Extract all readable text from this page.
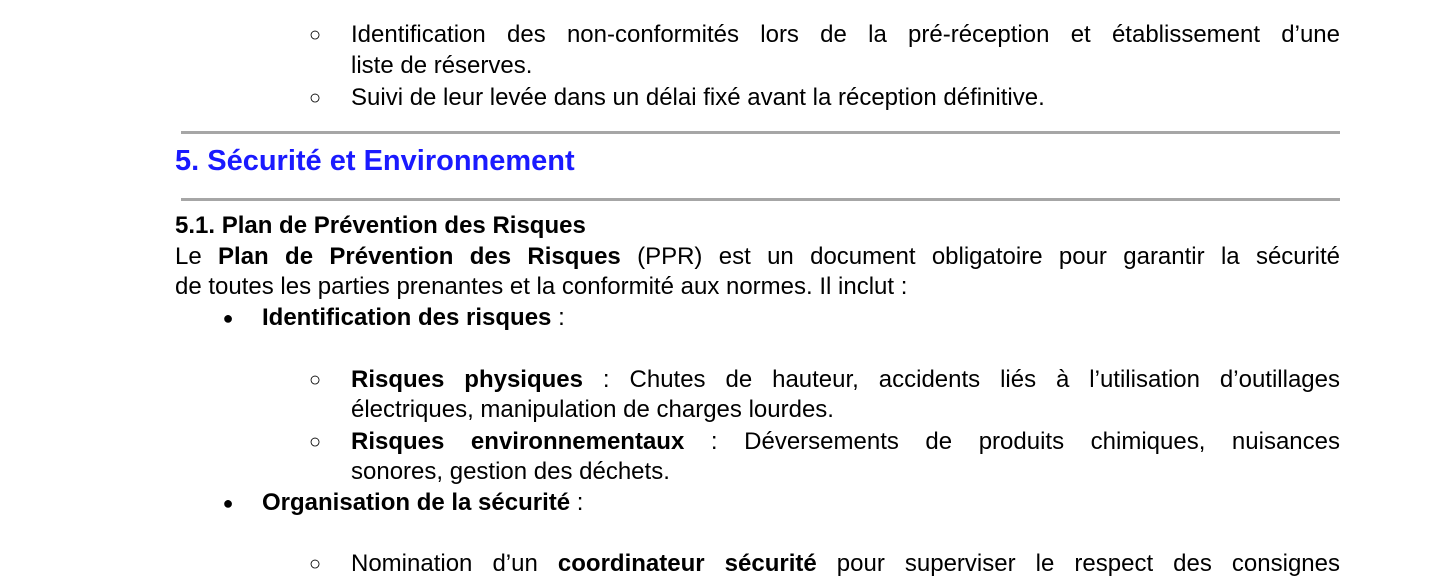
○ Identification des non-conformités lors de la pré-réception et établissement d’une
liste de réserves.
○ Suivi de leur levée dans un délai fixé avant la réception définitive.
5. Sécurité et Environnement
5.1. Plan de Prévention des Risques
Le Plan de Prévention des Risques (PPR) est un document obligatoire pour garantir la sécurité
de toutes les parties prenantes et la conformité aux normes. Il inclut :
● Identification des risques :
○ Risques physiques : Chutes de hauteur, accidents liés à l’utilisation d’outillages
électriques, manipulation de charges lourdes.
○ Risques environnementaux : Déversements de produits chimiques, nuisances
sonores, gestion des déchets.
● Organisation de la sécurité :
○ Nomination d’un coordinateur sécurité pour superviser le respect des consignes
